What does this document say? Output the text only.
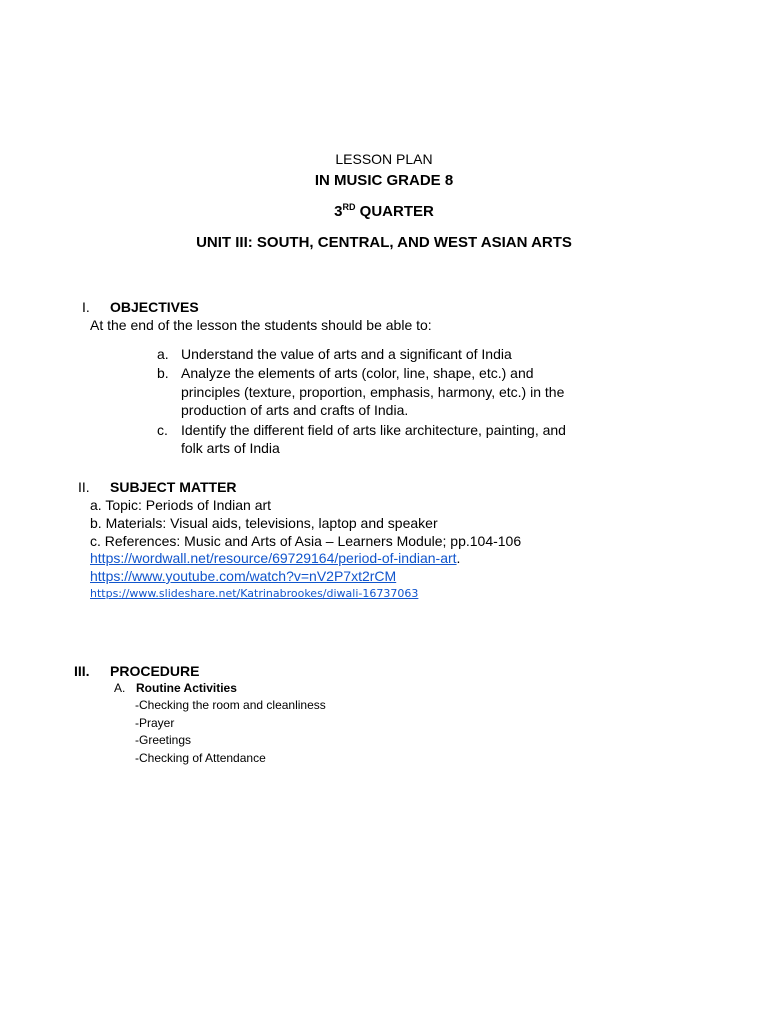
LESSON PLAN
IN MUSIC GRADE 8
3RD QUARTER
UNIT III: SOUTH, CENTRAL, AND WEST ASIAN ARTS
I. OBJECTIVES
At the end of the lesson the students should be able to:
a. Understand the value of arts and a significant of India
b. Analyze the elements of arts (color, line, shape, etc.) and
principles (texture, proportion, emphasis, harmony, etc.) in the
production of arts and crafts of India.
c. Identify the different field of arts like architecture, painting, and
folk arts of India
II. SUBJECT MATTER
a. Topic: Periods of Indian art
b. Materials: Visual aids, televisions, laptop and speaker
c. References: Music and Arts of Asia – Learners Module; pp.104-106
https://wordwall.net/resource/69729164/period-of-indian-art.
https://www.youtube.com/watch?v=nV2P7xt2rCM
https://www.slideshare.net/Katrinabrookes/diwali-16737063
III. PROCEDURE
A. Routine Activities
-Checking the room and cleanliness
-Prayer
-Greetings
-Checking of Attendance
